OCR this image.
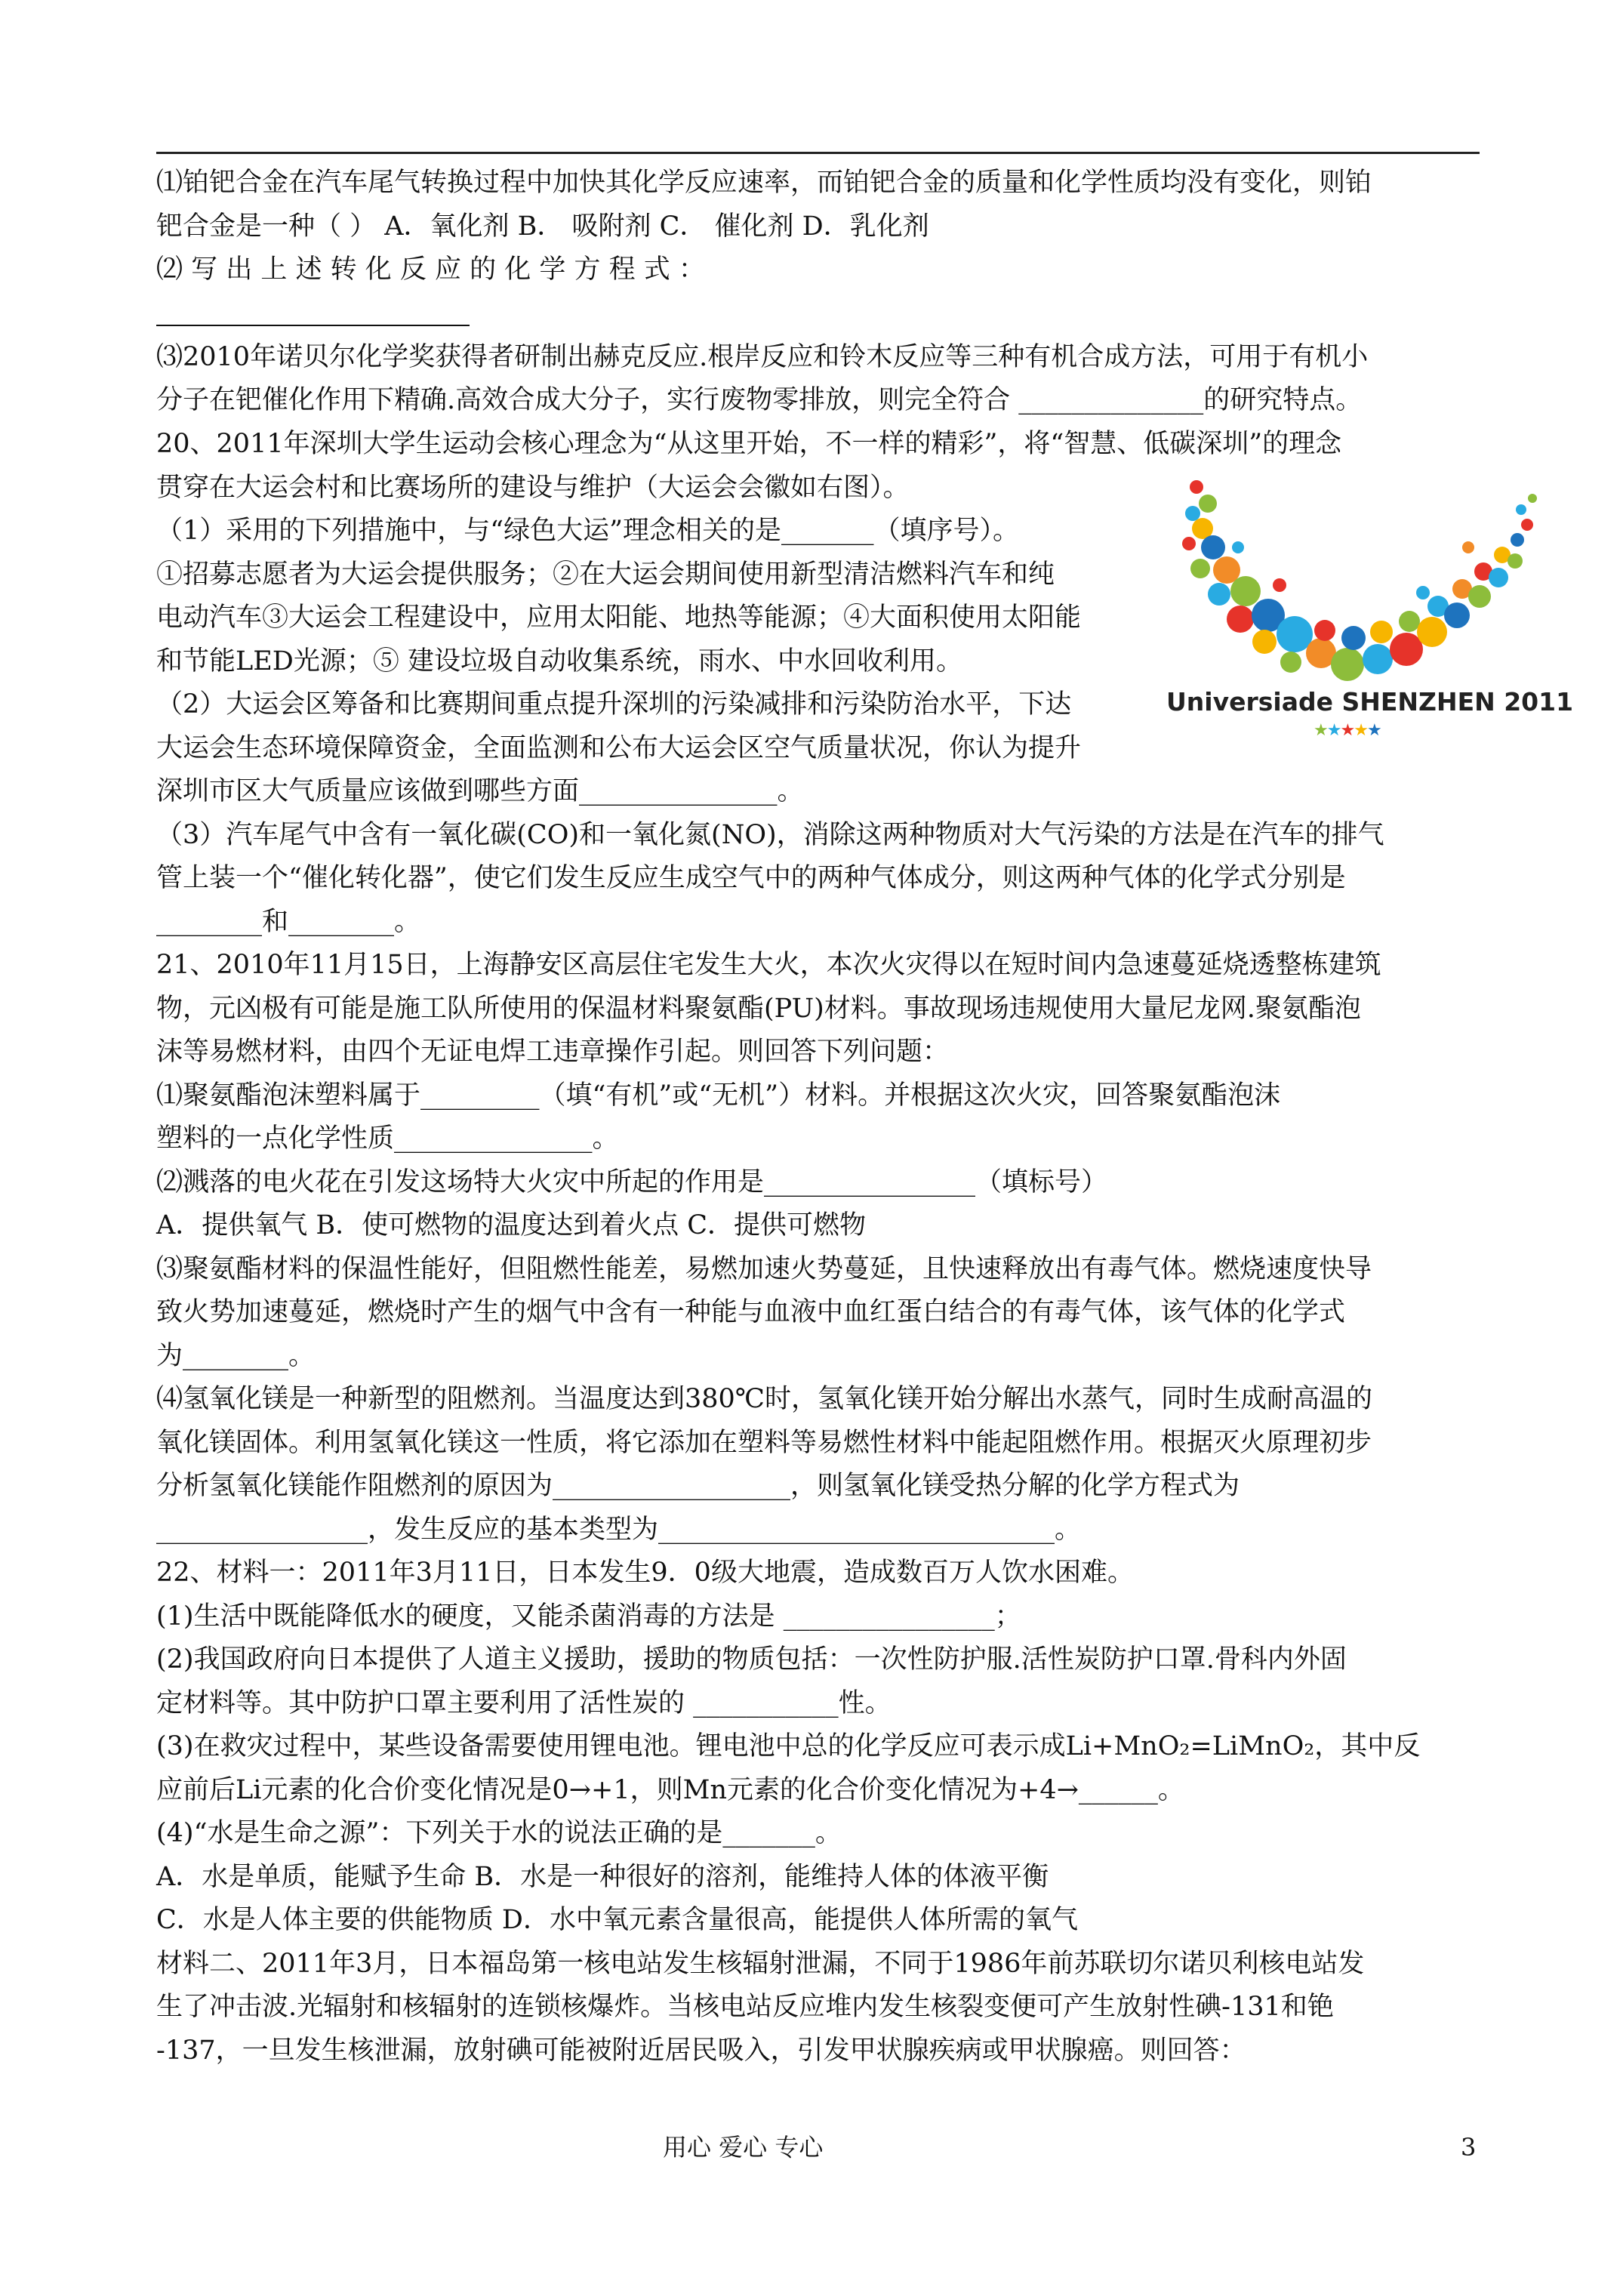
⑴铂钯合金在汽车尾气转换过程中加快其化学反应速率，而铂钯合金的质量和化学性质均没有变化，则铂
钯合金是一种（ ） A．氧化剂 B． 吸附剂 C． 催化剂 D．乳化剂
⑵ 写 出 上 述 转 化 反 应 的 化 学 方 程 式 ：
⑶2010年诺贝尔化学奖获得者研制出赫克反应.根岸反应和铃木反应等三种有机合成方法，可用于有机小
分子在钯催化作用下精确.高效合成大分子，实行废物零排放，则完全符合 ______________的研究特点。
20、2011年深圳大学生运动会核心理念为“从这里开始，不一样的精彩”，将“智慧、低碳深圳”的理念
贯穿在大运会村和比赛场所的建设与维护（大运会会徽如右图）。
（1）采用的下列措施中，与“绿色大运”理念相关的是_______（填序号）。
①招募志愿者为大运会提供服务；②在大运会期间使用新型清洁燃料汽车和纯
电动汽车③大运会工程建设中，应用太阳能、地热等能源；④大面积使用太阳能
和节能LED光源；⑤ 建设垃圾自动收集系统，雨水、中水回收利用。
（2）大运会区筹备和比赛期间重点提升深圳的污染减排和污染防治水平，下达
大运会生态环境保障资金，全面监测和公布大运会区空气质量状况，你认为提升
深圳市区大气质量应该做到哪些方面_______________。
（3）汽车尾气中含有一氧化碳(CO)和一氧化氮(NO)，消除这两种物质对大气污染的方法是在汽车的排气
管上装一个“催化转化器”，使它们发生反应生成空气中的两种气体成分，则这两种气体的化学式分别是
________和________。
21、2010年11月15日，上海静安区高层住宅发生大火，本次火灾得以在短时间内急速蔓延烧透整栋建筑
物，元凶极有可能是施工队所使用的保温材料聚氨酯(PU)材料。事故现场违规使用大量尼龙网.聚氨酯泡
沫等易燃材料，由四个无证电焊工违章操作引起。则回答下列问题：
⑴聚氨酯泡沫塑料属于_________（填“有机”或“无机”）材料。并根据这次火灾，回答聚氨酯泡沫
塑料的一点化学性质_______________。
⑵溅落的电火花在引发这场特大火灾中所起的作用是________________（填标号）
A．提供氧气 B．使可燃物的温度达到着火点 C．提供可燃物
⑶聚氨酯材料的保温性能好，但阻燃性能差，易燃加速火势蔓延，且快速释放出有毒气体。燃烧速度快导
致火势加速蔓延，燃烧时产生的烟气中含有一种能与血液中血红蛋白结合的有毒气体，该气体的化学式
为________。
⑷氢氧化镁是一种新型的阻燃剂。当温度达到380℃时，氢氧化镁开始分解出水蒸气，同时生成耐高温的
氧化镁固体。利用氢氧化镁这一性质，将它添加在塑料等易燃性材料中能起阻燃作用。根据灭火原理初步
分析氢氧化镁能作阻燃剂的原因为__________________，则氢氧化镁受热分解的化学方程式为
________________，发生反应的基本类型为______________________________。
22、材料一：2011年3月11日，日本发生9．0级大地震，造成数百万人饮水困难。
(1)生活中既能降低水的硬度，又能杀菌消毒的方法是 ________________；
(2)我国政府向日本提供了人道主义援助，援助的物质包括：一次性防护服.活性炭防护口罩.骨科内外固
定材料等。其中防护口罩主要利用了活性炭的 ___________性。
(3)在救灾过程中，某些设备需要使用锂电池。锂电池中总的化学反应可表示成Li+MnO₂=LiMnO₂，其中反
应前后Li元素的化合价变化情况是0→+1，则Mn元素的化合价变化情况为+4→______。
(4)“水是生命之源”：下列关于水的说法正确的是_______。
A．水是单质，能赋予生命 B．水是一种很好的溶剂，能维持人体的体液平衡
C．水是人体主要的供能物质 D．水中氧元素含量很高，能提供人体所需的氧气
材料二、2011年3月，日本福岛第一核电站发生核辐射泄漏，不同于1986年前苏联切尔诺贝利核电站发
生了冲击波.光辐射和核辐射的连锁核爆炸。当核电站反应堆内发生核裂变便可产生放射性碘-131和铯
-137，一旦发生核泄漏，放射碘可能被附近居民吸入，引发甲状腺疾病或甲状腺癌。则回答：
Universiade SHENZHEN 2011
★★★★★
用心 爱心 专心	3
